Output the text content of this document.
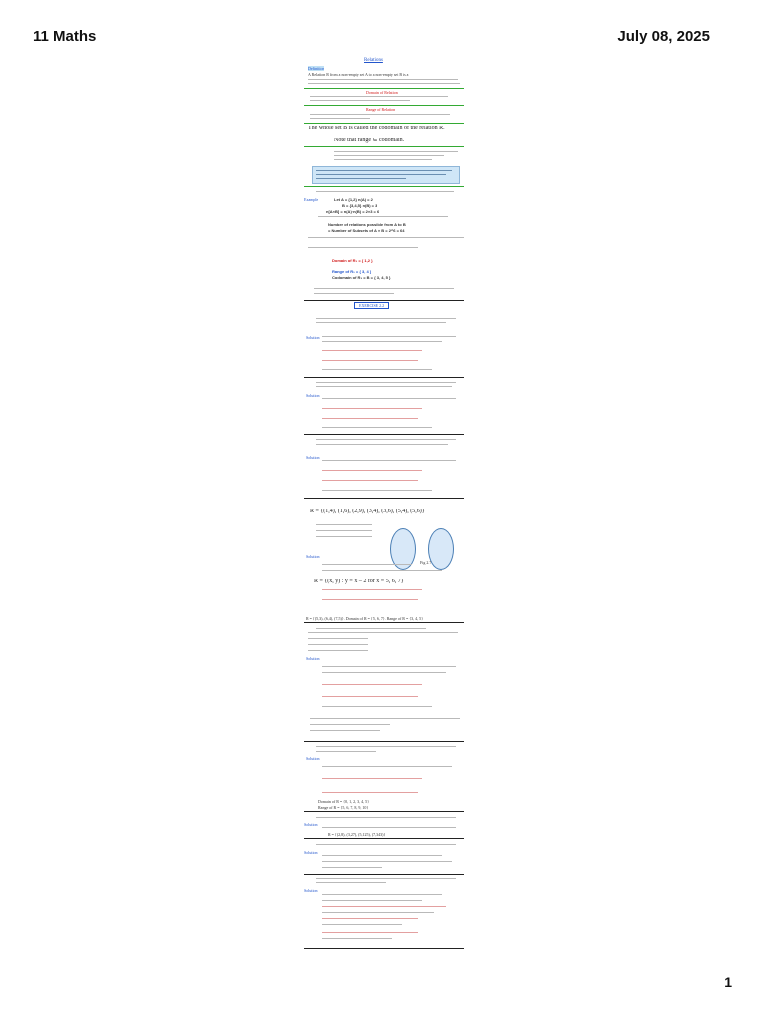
11 Maths	July 08, 2025
Relations
Definition
A Relation R from a non-empty set A to a non-empty set B is a
Domain of Relation
Range of Relation
The whole set B is called the codomain of the relation R.
Note that range ⊆ codomain.
Example	Let A = {1,2} n(A) = 2
B = {3,4,5} n(B) = 3
n[A×B] = n(A)·n(B) = 2×3 = 6
Number of relations possible from A to B
= Number of Subsets of A × B = 2^6 = 64
Domain of R₁ = { 1,2 }
Range of R₁ = { 3, 4 }
Codomain of R₁ = B = { 3, 4, 5 }
EXERCISE 2.2
Solution
Solution
Solution
R = {(1,4), (1,6), (2,9), (3,4), (3,6), (5,4), (5,6)}
Fig 2.7
Solution
R = {(x, y) : y = x – 2 for x = 5, 6, 7}
R = {(5,3), (6,4), (7,5)}. Domain of R = {5, 6, 7}. Range of R = {3, 4, 5}
Solution
Solution
Domain of R = {0, 1, 2, 3, 4, 5}
Range of R = {5, 6, 7, 8, 9, 10}
Solution
R = {(2,8), (3,27), (5,125), (7,343)}
Solution
Solution
1
